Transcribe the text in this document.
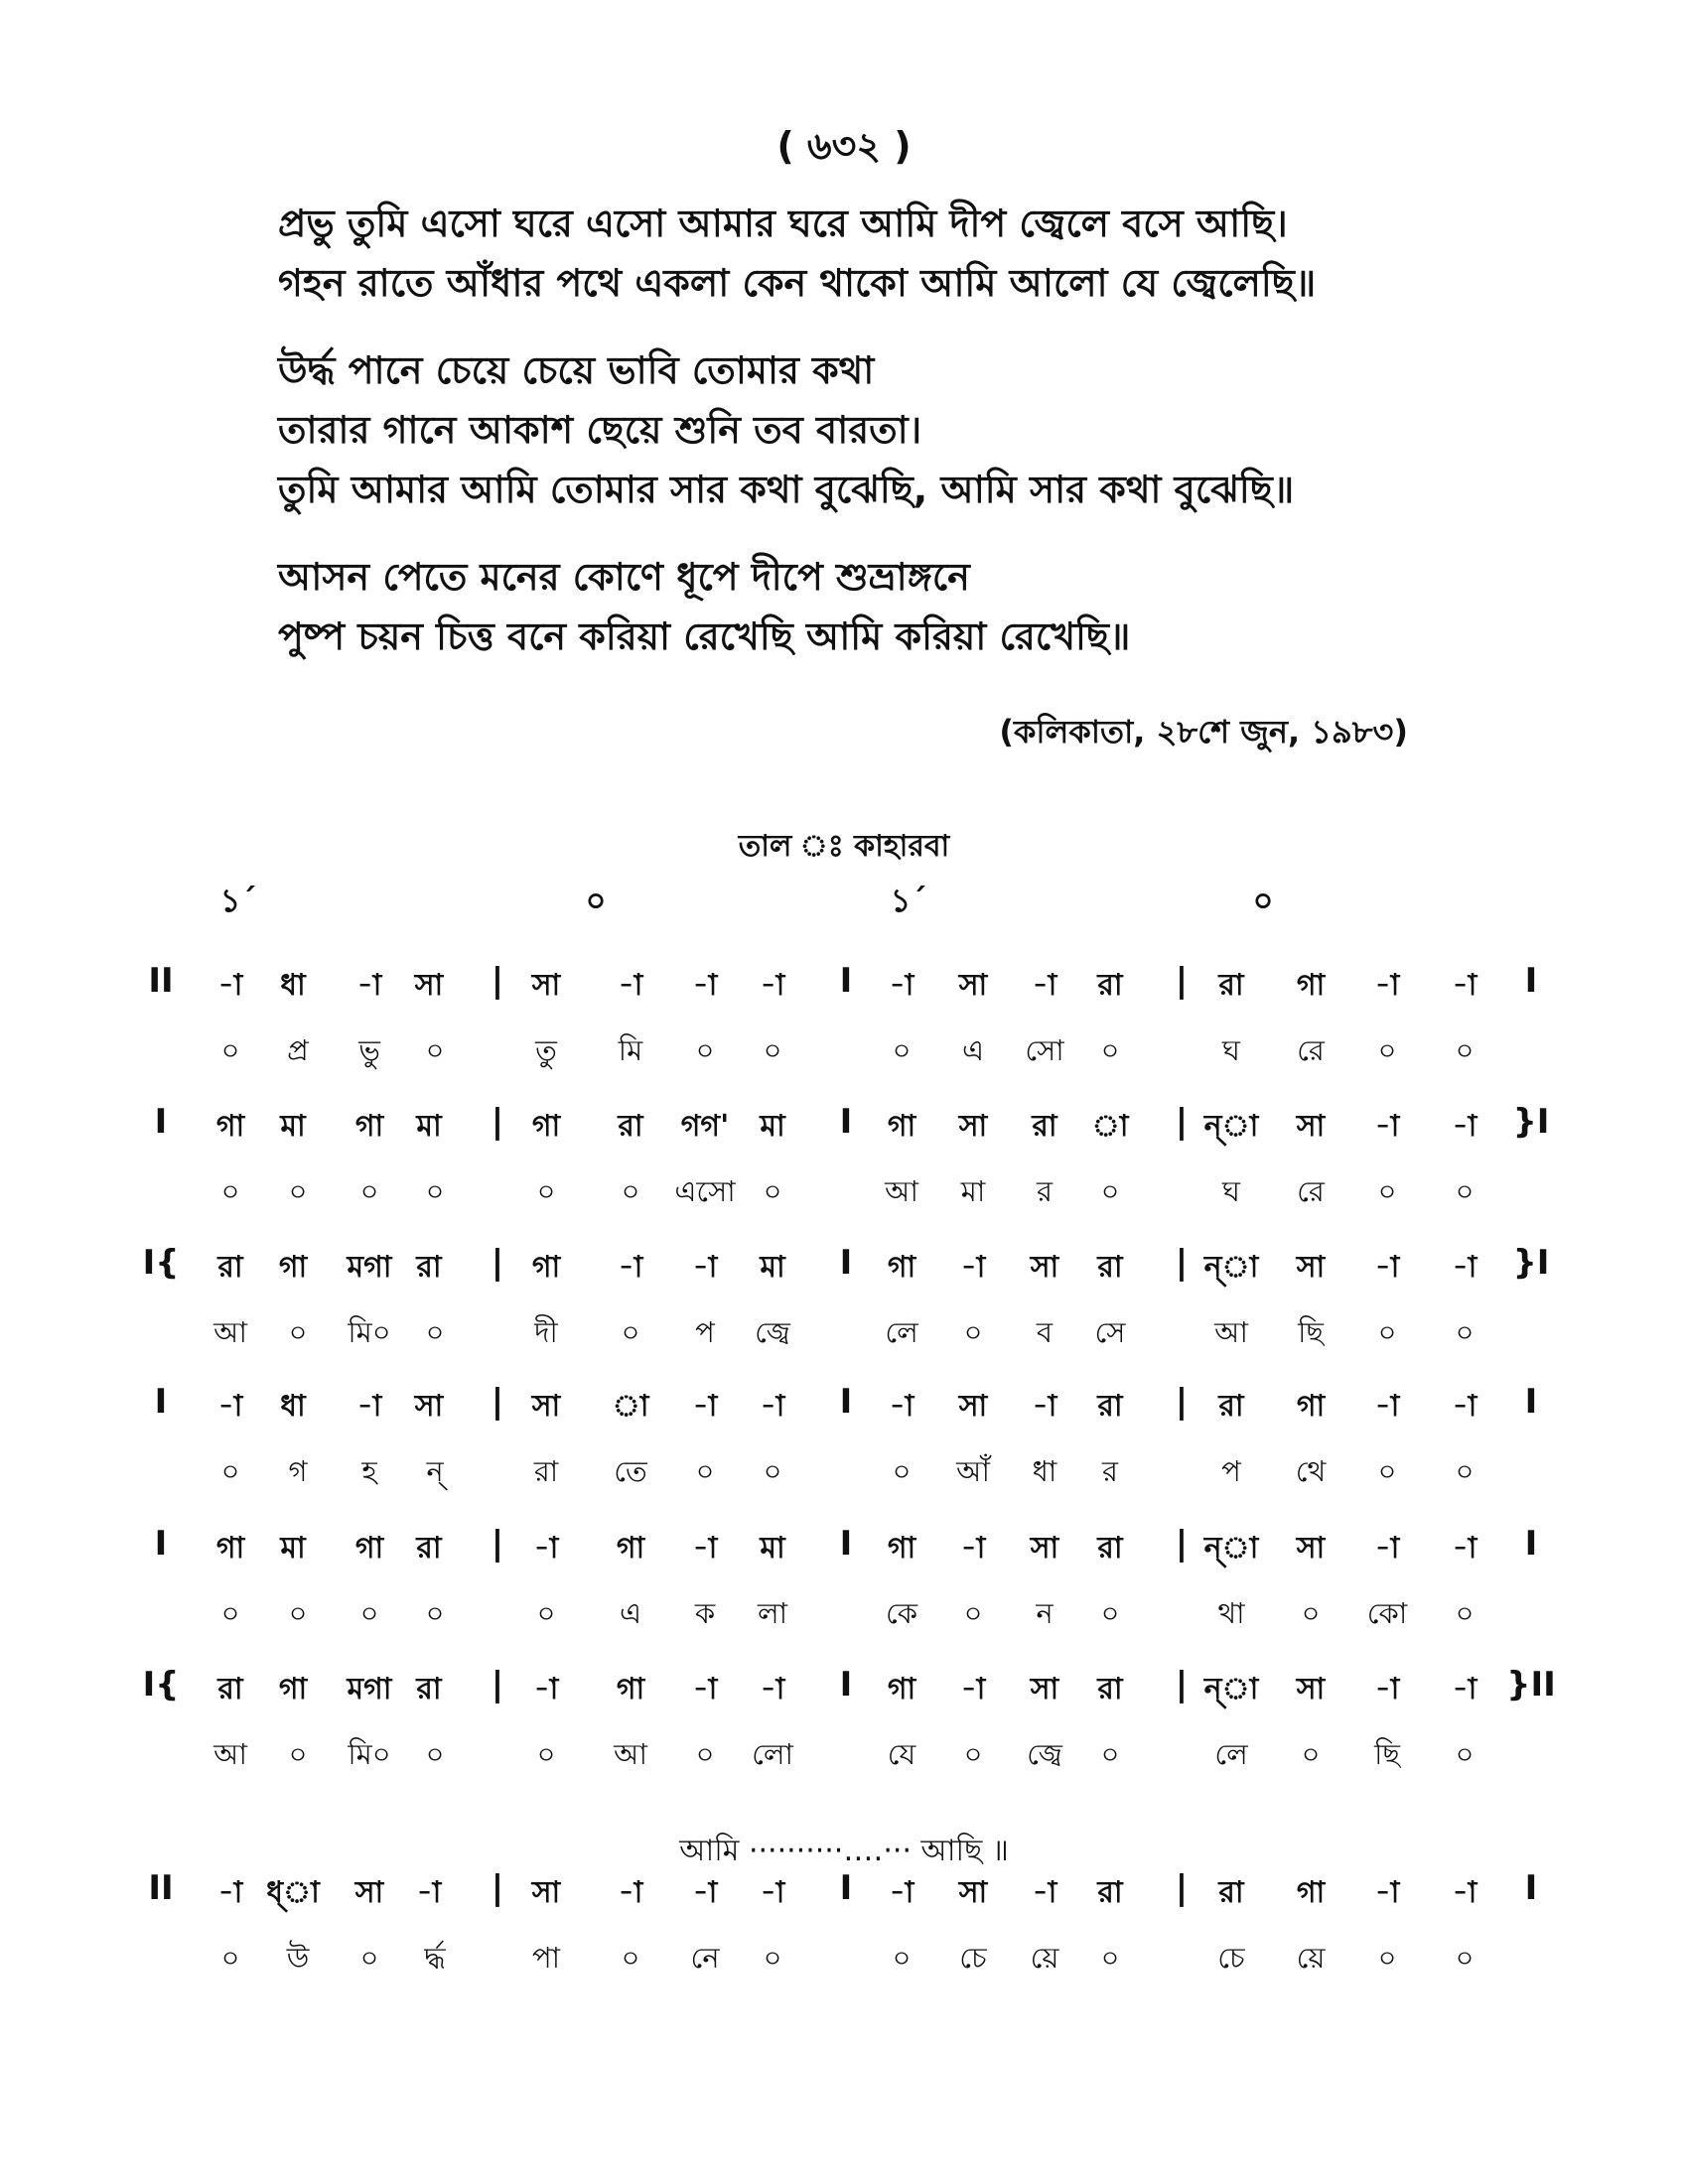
( ৬৩২ )
প্রভু তুমি এসো ঘরে এসো আমার ঘরে আমি দীপ জ্বেলে বসে আছি।
গহন রাতে আঁধার পথে একলা কেন থাকো আমি আলো যে জ্বেলেছি॥
উর্দ্ধ পানে চেয়ে চেয়ে ভাবি তোমার কথা
তারার গানে আকাশ ছেয়ে শুনি তব বারতা।
তুমি আমার আমি তোমার সার কথা বুঝেছি, আমি সার কথা বুঝেছি॥
আসন পেতে মনের কোণে ধূপে দীপে শুভ্রাঙ্গনে
পুষ্প চয়ন চিত্ত বনে করিয়া রেখেছি আমি করিয়া রেখেছি॥
(কলিকাতা, ২৮শে জুন, ১৯৮৩)
তাল ঃ কাহারবা
১´	০	১´	০
II -া ধা -া সা | সা -া -া -া I -া সা -া রা | রা গা -া -া I
০ প্র ভু ০	তু মি ০ ০	০ এ সো ০	ঘ রে ০ ০
I গা মা গা মা | গা রা গগ' মা I গা সা রা া | ন্া সা -া -া }I
০ ০ ০ ০	০ ০ এসো ০	আ মা র ০	ঘ রে ০ ০
I{ রা গা মগা রা | গা -া -া মা I গা -া সা রা | ন্া সা -া -া }I
আ ০ মি০ ০	দী ০ প জ্বে	লে ০ ব সে	আ ছি ০ ০
I -া ধা -া সা | সা া -া -া I -া সা -া রা | রা গা -া -া I
০ গ হ ন্	রা তে ০ ০	০ আঁ ধা র	প থে ০ ০
I গা মা গা রা | -া গা -া মা I গা -া সা রা | ন্া সা -া -া I
০ ০ ০ ০	০ এ ক লা	কে ০ ন ০	থা ০ কো ০
I{ রা গা মগা রা | -া গা -া -া I গা -া সা রা | ন্া সা -া -া }II
আ ০ মি০ ০	০ আ ০ লো	যে ০ জ্বে ০	লে ০ ছি ০
II -া ধ্া সা -া | সা -া -া -া I -া সা -া রা | রা গা -া -া I
০ উ ০ র্দ্ধ	পা ০ নে ০	০ চে য়ে ০	চে য়ে ০ ০
আমি ··········‥‥··· আছি ॥
